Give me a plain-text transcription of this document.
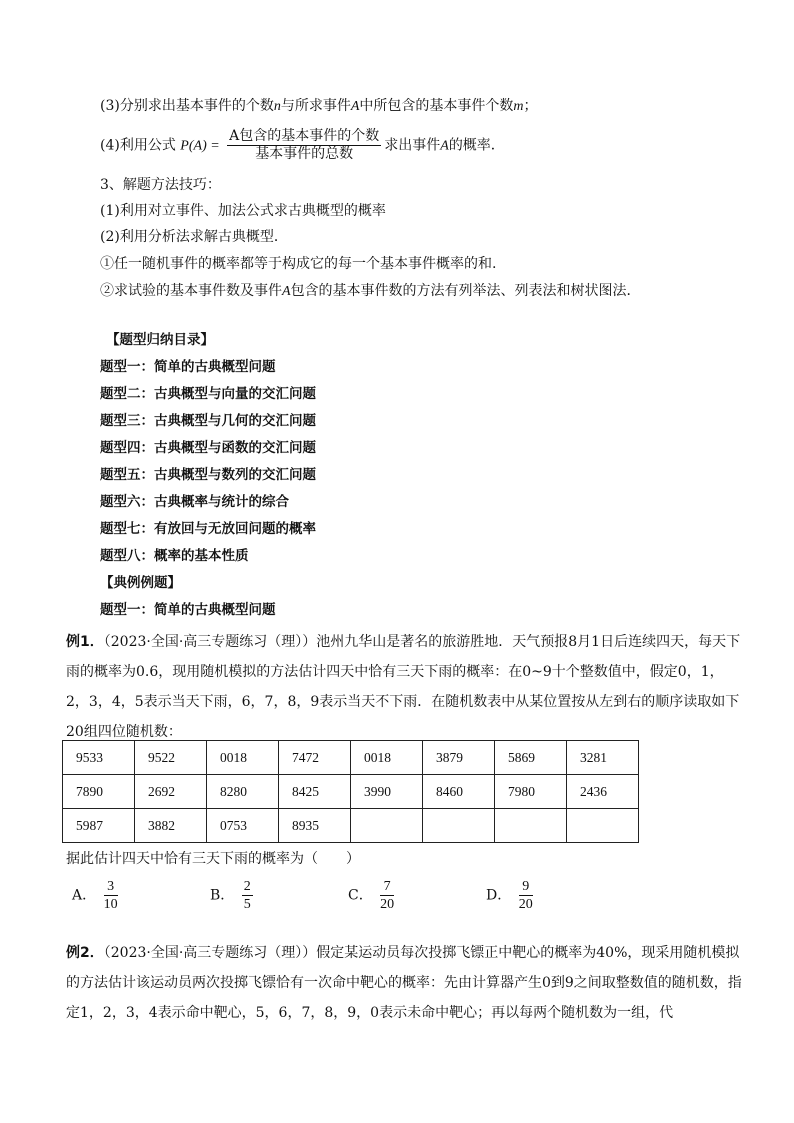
(3)分别求出基本事件的个数n与所求事件A中所包含的基本事件个数m；
(4)利用公式 $P(A) = \frac{\text{A包含的基本事件的个数}}{\text{基本事件的总数}}$ 求出事件A的概率．
3、解题方法技巧：
(1)利用对立事件、加法公式求古典概型的概率
(2)利用分析法求解古典概型．
①任一随机事件的概率都等于构成它的每一个基本事件概率的和.
②求试验的基本事件数及事件A包含的基本事件数的方法有列举法、列表法和树状图法．
【题型归纳目录】
题型一：简单的古典概型问题
题型二：古典概型与向量的交汇问题
题型三：古典概型与几何的交汇问题
题型四：古典概型与函数的交汇问题
题型五：古典概型与数列的交汇问题
题型六：古典概率与统计的综合
题型七：有放回与无放回问题的概率
题型八：概率的基本性质
【典例例题】
题型一：简单的古典概型问题
例1．（2023·全国·高三专题练习（理））池州九华山是著名的旅游胜地．天气预报8月1日后连续四天，每天下雨的概率为0.6，现用随机模拟的方法估计四天中恰有三天下雨的概率：在0~9十个整数值中，假定0，1，2，3，4，5表示当天下雨，6，7，8，9表示当天不下雨．在随机数表中从某位置按从左到右的顺序读取如下20组四位随机数：
9533	9522	0018	7472	0018	3879	5869	3281
7890	2692	8280	8425	3990	8460	7980	2436
5987	3882	0753	8935				
据此估计四天中恰有三天下雨的概率为（　　）
A． $\frac{3}{10}$	B． $\frac{2}{5}$	C． $\frac{7}{20}$	D． $\frac{9}{20}$
例2．（2023·全国·高三专题练习（理））假定某运动员每次投掷飞镖正中靶心的概率为40%，现采用随机模拟的方法估计该运动员两次投掷飞镖恰有一次命中靶心的概率：先由计算器产生0到9之间取整数值的随机数，指定1，2，3，4表示命中靶心，5，6，7，8，9，0表示未命中靶心；再以每两个随机数为一组，代
